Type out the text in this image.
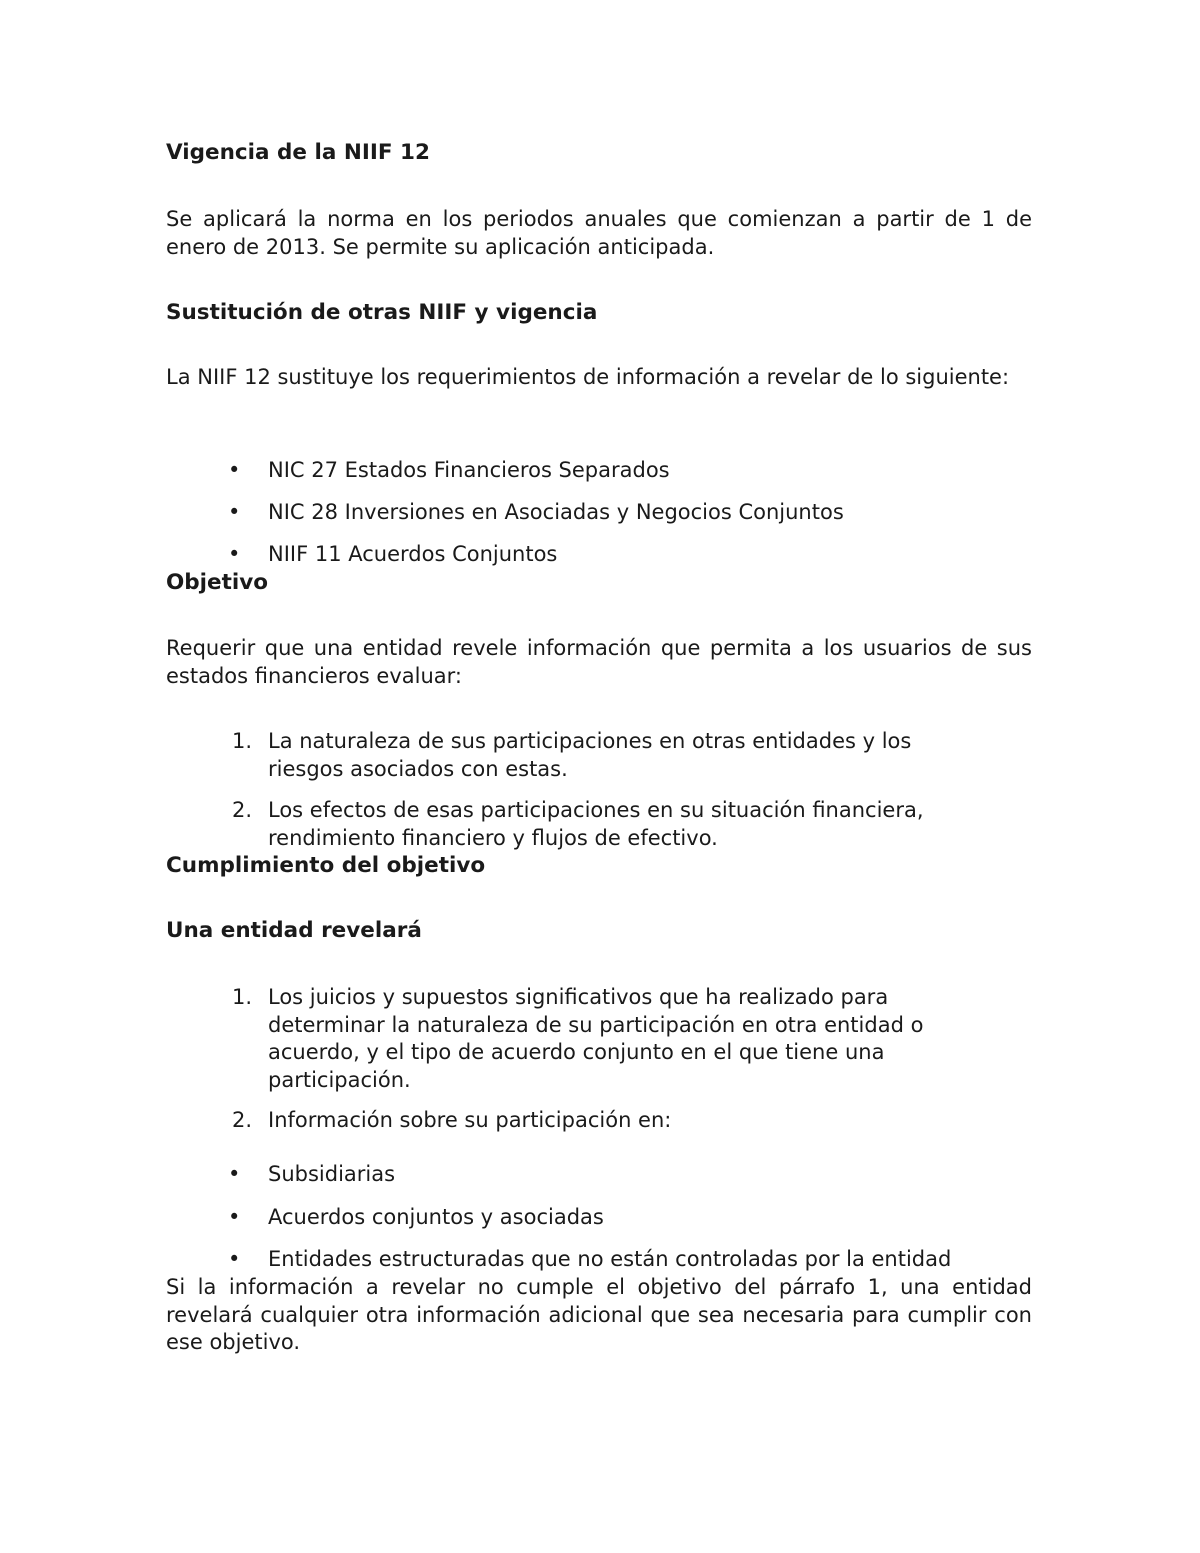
Vigencia de la NIIF 12

Se aplicará la norma en los periodos anuales que comienzan a partir de 1 de enero de 2013. Se permite su aplicación anticipada.

Sustitución de otras NIIF y vigencia

La NIIF 12 sustituye los requerimientos de información a revelar de lo siguiente:

•	NIC 27 Estados Financieros Separados
•	NIC 28 Inversiones en Asociadas y Negocios Conjuntos
•	NIIF 11 Acuerdos Conjuntos
Objetivo

Requerir que una entidad revele información que permita a los usuarios de sus estados financieros evaluar:

1. La naturaleza de sus participaciones en otras entidades y los riesgos asociados con estas.
2. Los efectos de esas participaciones en su situación financiera, rendimiento financiero y flujos de efectivo.
Cumplimiento del objetivo
Una entidad revelará
1. Los juicios y supuestos significativos que ha realizado para determinar la naturaleza de su participación en otra entidad o acuerdo, y el tipo de acuerdo conjunto en el que tiene una participación.
2. Información sobre su participación en:
•	Subsidiarias
•	Acuerdos conjuntos y asociadas
•	Entidades estructuradas que no están controladas por la entidad

Si la información a revelar no cumple el objetivo del párrafo 1, una entidad revelará cualquier otra información adicional que sea necesaria para cumplir con ese objetivo.
